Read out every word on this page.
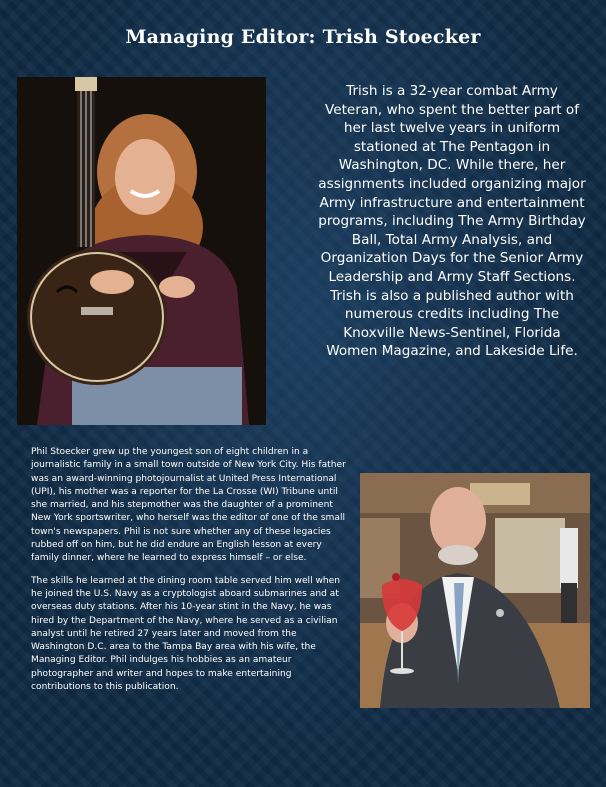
Managing Editor: Trish Stoecker
Trish is a 32-year combat Army Veteran, who spent the better part of her last twelve years in uniform stationed at The Pentagon in Washington, DC. While there, her assignments included organizing major Army infrastructure and entertainment programs, including The Army Birthday Ball, Total Army Analysis, and Organization Days for the Senior Army Leadership and Army Staff Sections. Trish is also a published author with numerous credits including The Knoxville News-Sentinel, Florida Women Magazine, and Lakeside Life.

Phil Stoecker grew up the youngest son of eight children in a journalistic family in a small town outside of New York City. His father was an award-winning photojournalist at United Press International (UPI), his mother was a reporter for the La Crosse (WI) Tribune until she married, and his stepmother was the daughter of a prominent New York sportswriter, who herself was the editor of one of the small town's newspapers. Phil is not sure whether any of these legacies rubbed off on him, but he did endure an English lesson at every family dinner, where he learned to express himself – or else.

The skills he learned at the dining room table served him well when he joined the U.S. Navy as a cryptologist aboard submarines and at overseas duty stations. After his 10-year stint in the Navy, he was hired by the Department of the Navy, where he served as a civilian analyst until he retired 27 years later and moved from the Washington D.C. area to the Tampa Bay area with his wife, the Managing Editor. Phil indulges his hobbies as an amateur photographer and writer and hopes to make entertaining contributions to this publication.
